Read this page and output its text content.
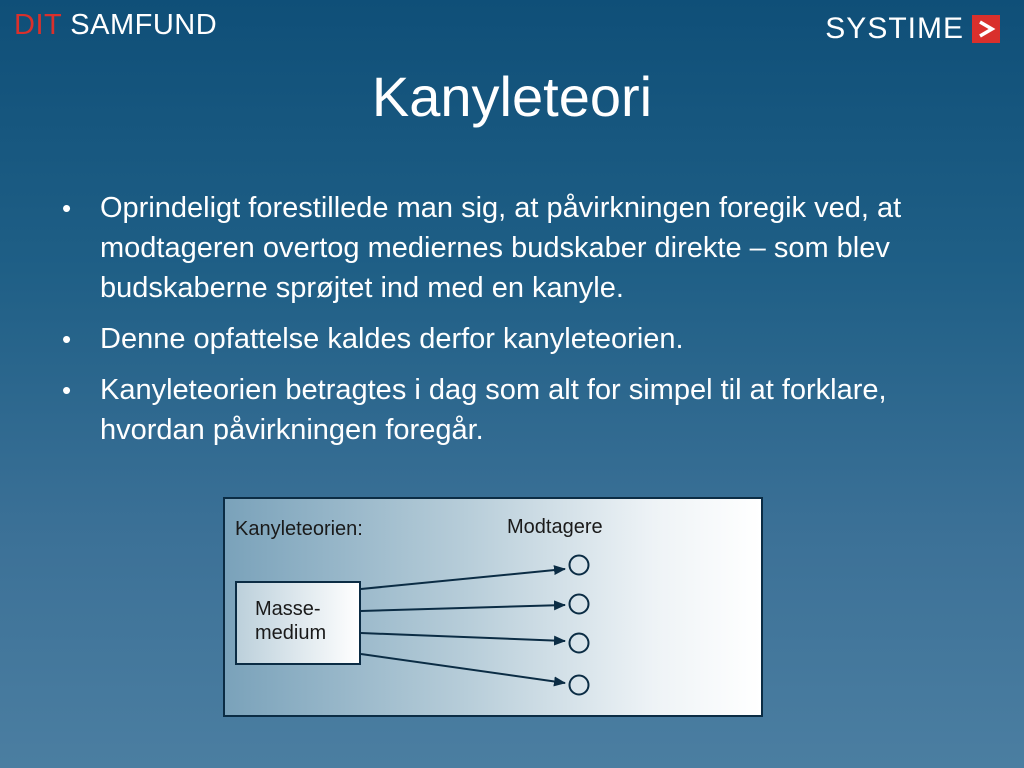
DIT SAMFUND	SYSTIME
Kanyleteori
• Oprindeligt forestillede man sig, at påvirkningen foregik ved, at modtageren overtog mediernes budskaber direkte – som blev budskaberne sprøjtet ind med en kanyle.
• Denne opfattelse kaldes derfor kanyleteorien.
• Kanyleteorien betragtes i dag som alt for simpel til at forklare, hvordan påvirkningen foregår.
Kanyleteorien:	Modtagere
Masse-
medium
